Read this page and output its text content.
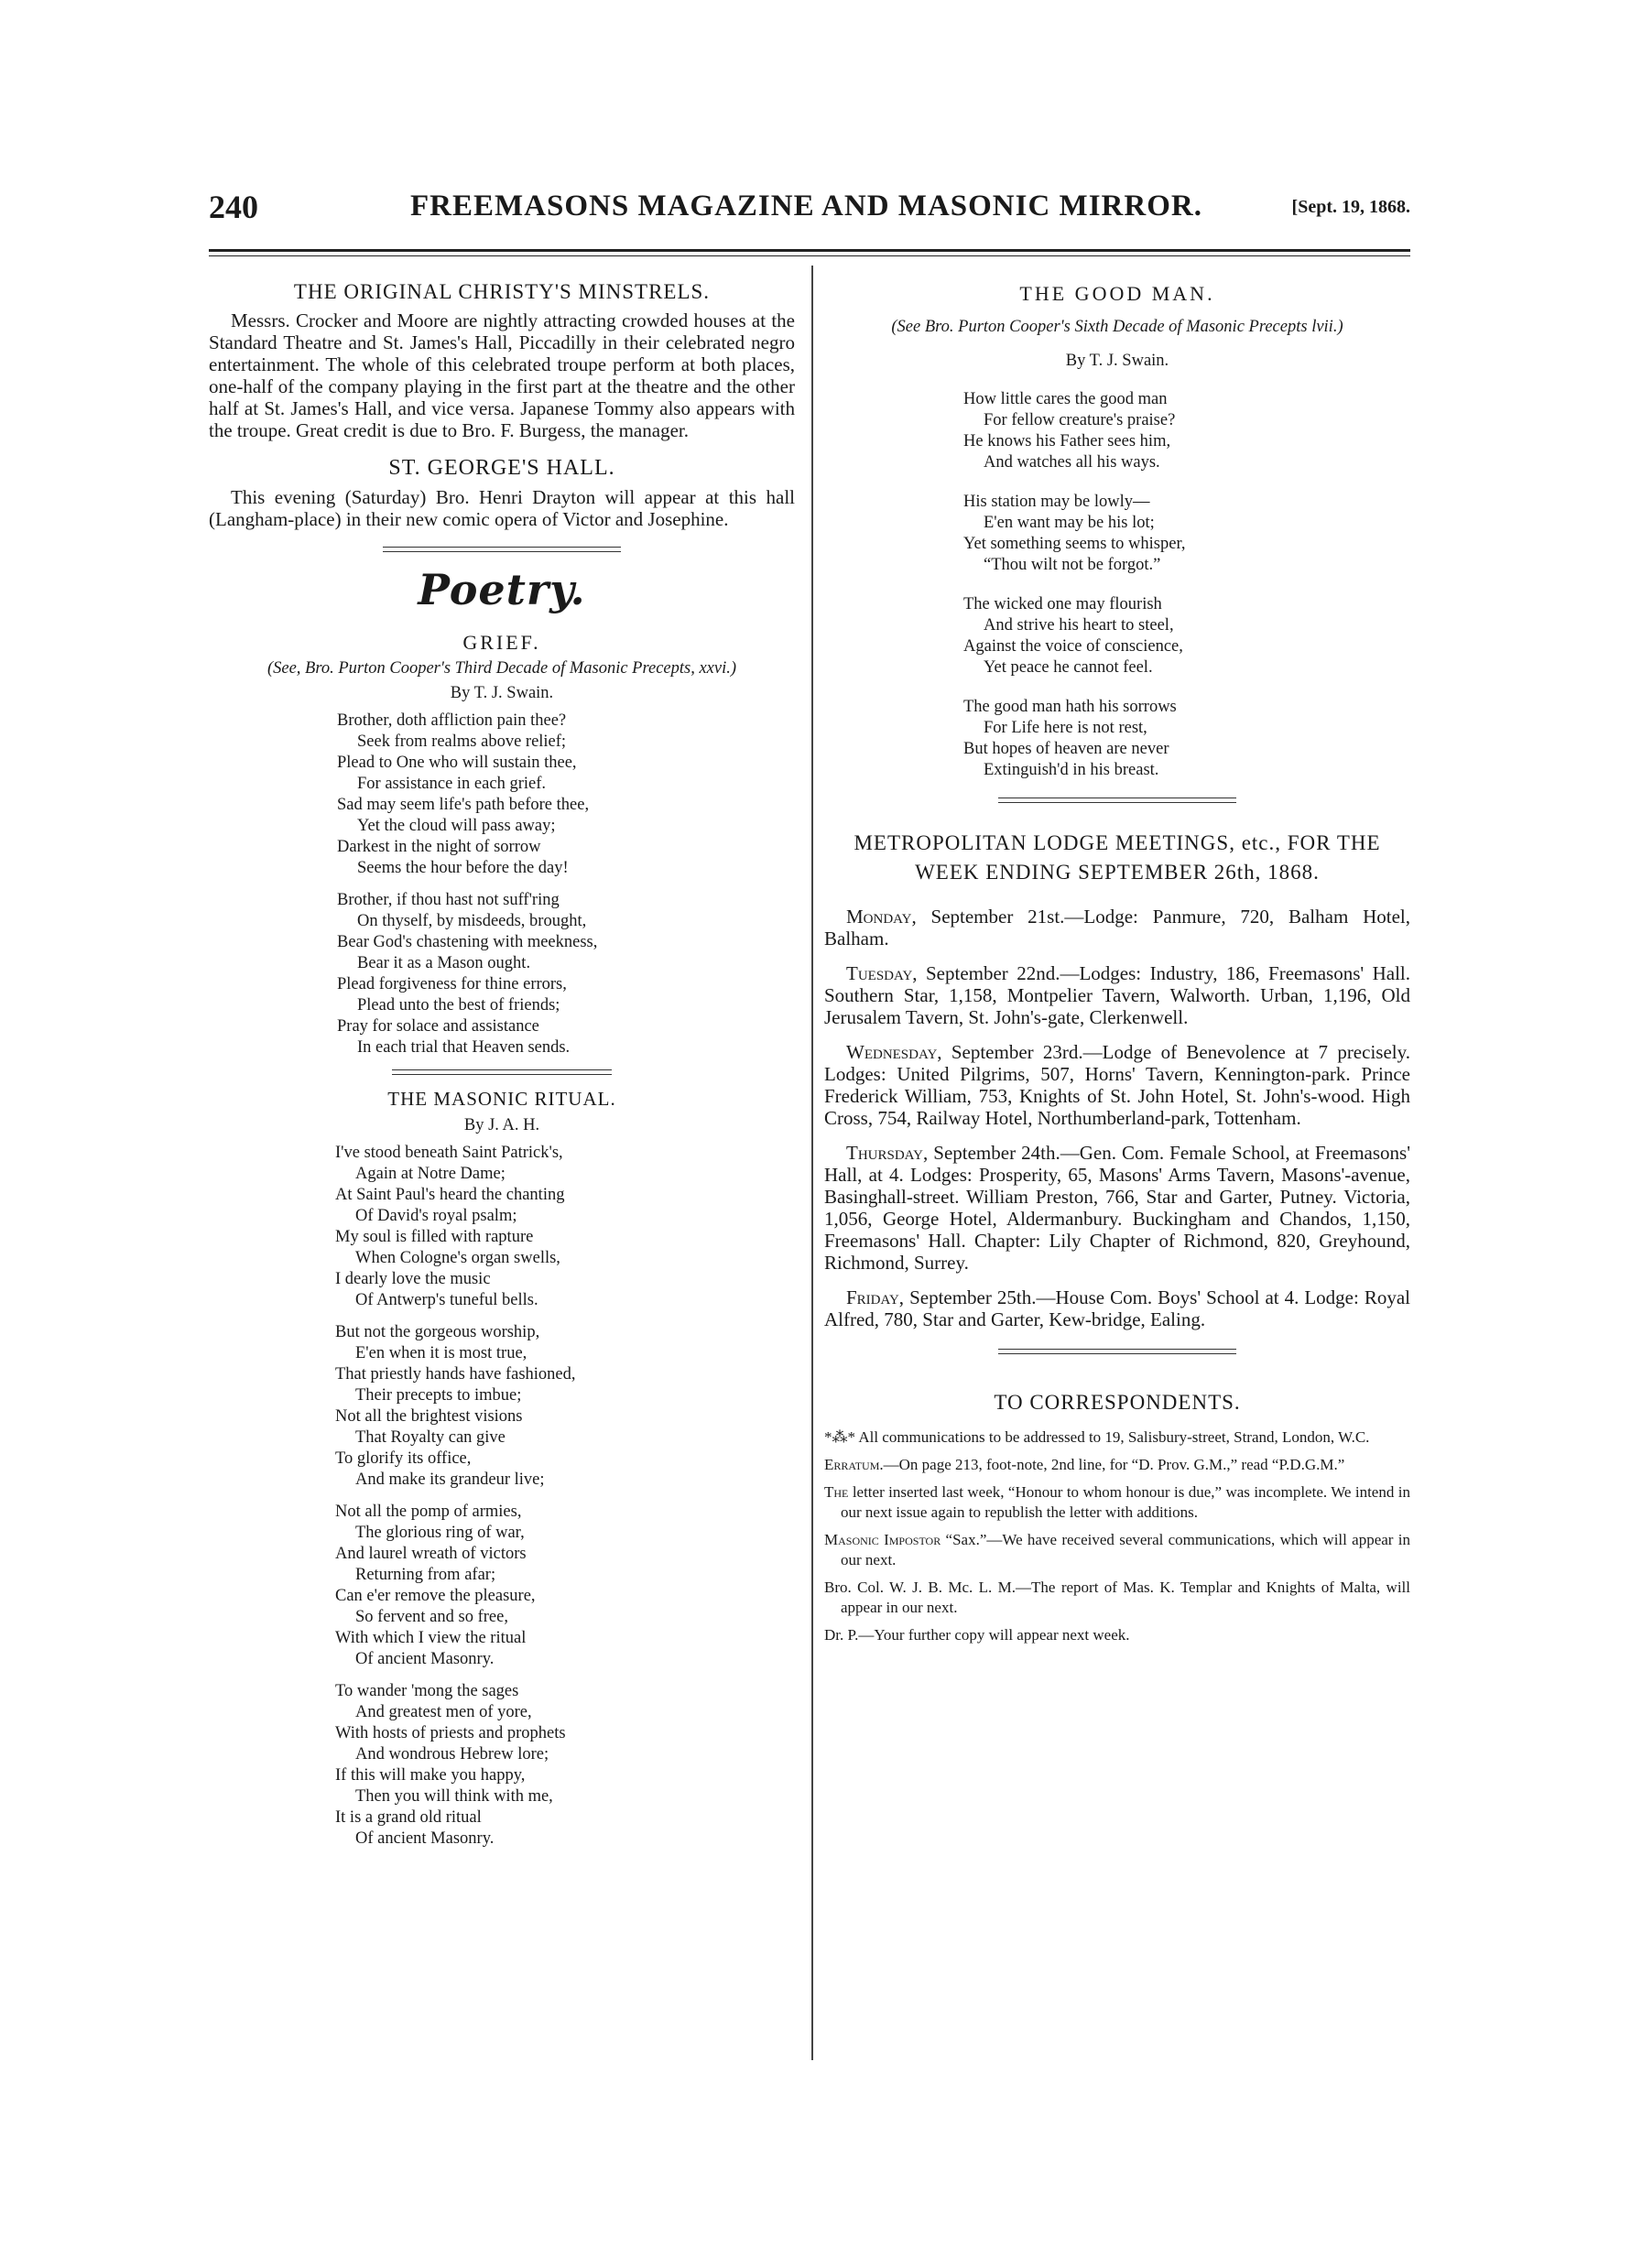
240	FREEMASONS MAGAZINE AND MASONIC MIRROR.	[Sept. 19, 1868.
THE ORIGINAL CHRISTY'S MINSTRELS.

Messrs. Crocker and Moore are nightly attracting crowded houses at the Standard Theatre and St. James's Hall, Piccadilly in their celebrated negro entertainment. The whole of this celebrated troupe perform at both places, one-half of the company playing in the first part at the theatre and the other half at St. James's Hall, and vice versa. Japanese Tommy also appears with the troupe. Great credit is due to Bro. F. Burgess, the manager.

ST. GEORGE'S HALL.

This evening (Saturday) Bro. Henri Drayton will appear at this hall (Langham-place) in their new comic opera of Victor and Josephine.

Poetry.
GRIEF.

(See, Bro. Purton Cooper's Third Decade of Masonic Precepts, xxvi.)

By T. J. Swain.

Brother, doth affliction pain thee?
Seek from realms above relief;
Plead to One who will sustain thee,
For assistance in each grief.
Sad may seem life's path before thee,
Yet the cloud will pass away;
Darkest in the night of sorrow
Seems the hour before the day!
Brother, if thou hast not suff'ring
On thyself, by misdeeds, brought,
Bear God's chastening with meekness,
Bear it as a Mason ought.
Plead forgiveness for thine errors,
Plead unto the best of friends;
Pray for solace and assistance
In each trial that Heaven sends.
THE MASONIC RITUAL.

By J. A. H.

I've stood beneath Saint Patrick's,
Again at Notre Dame;
At Saint Paul's heard the chanting
Of David's royal psalm;
My soul is filled with rapture
When Cologne's organ swells,
I dearly love the music
Of Antwerp's tuneful bells.
But not the gorgeous worship,
E'en when it is most true,
That priestly hands have fashioned,
Their precepts to imbue;
Not all the brightest visions
That Royalty can give
To glorify its office,
And make its grandeur live;
Not all the pomp of armies,
The glorious ring of war,
And laurel wreath of victors
Returning from afar;
Can e'er remove the pleasure,
So fervent and so free,
With which I view the ritual
Of ancient Masonry.
To wander 'mong the sages
And greatest men of yore,
With hosts of priests and prophets
And wondrous Hebrew lore;
If this will make you happy,
Then you will think with me,
It is a grand old ritual
Of ancient Masonry.
THE GOOD MAN.

(See Bro. Purton Cooper's Sixth Decade of Masonic Precepts lvii.)

By T. J. Swain.

How little cares the good man
For fellow creature's praise?
He knows his Father sees him,
And watches all his ways.
His station may be lowly—
E'en want may be his lot;
Yet something seems to whisper,
“Thou wilt not be forgot.”
The wicked one may flourish
And strive his heart to steel,
Against the voice of conscience,
Yet peace he cannot feel.
The good man hath his sorrows
For Life here is not rest,
But hopes of heaven are never
Extinguish'd in his breast.
METROPOLITAN LODGE MEETINGS, etc., FOR THE WEEK ENDING SEPTEMBER 26th, 1868.

Monday, September 21st.—Lodge: Panmure, 720, Balham Hotel, Balham.

Tuesday, September 22nd.—Lodges: Industry, 186, Freemasons' Hall. Southern Star, 1,158, Montpelier Tavern, Walworth. Urban, 1,196, Old Jerusalem Tavern, St. John's-gate, Clerkenwell.

Wednesday, September 23rd.—Lodge of Benevolence at 7 precisely. Lodges: United Pilgrims, 507, Horns' Tavern, Kennington-park. Prince Frederick William, 753, Knights of St. John Hotel, St. John's-wood. High Cross, 754, Railway Hotel, Northumberland-park, Tottenham.

Thursday, September 24th.—Gen. Com. Female School, at Freemasons' Hall, at 4. Lodges: Prosperity, 65, Masons' Arms Tavern, Masons'-avenue, Basinghall-street. William Preston, 766, Star and Garter, Putney. Victoria, 1,056, George Hotel, Aldermanbury. Buckingham and Chandos, 1,150, Freemasons' Hall. Chapter: Lily Chapter of Richmond, 820, Greyhound, Richmond, Surrey.

Friday, September 25th.—House Com. Boys' School at 4. Lodge: Royal Alfred, 780, Star and Garter, Kew-bridge, Ealing.

TO CORRESPONDENTS.

*⁂* All communications to be addressed to 19, Salisbury-street, Strand, London, W.C.

Erratum.—On page 213, foot-note, 2nd line, for “D. Prov. G.M.,” read “P.D.G.M.”

The letter inserted last week, “Honour to whom honour is due,” was incomplete. We intend in our next issue again to republish the letter with additions.

Masonic Impostor “Sax.”—We have received several communications, which will appear in our next.

Bro. Col. W. J. B. Mc. L. M.—The report of Mas. K. Templar and Knights of Malta, will appear in our next.

Dr. P.—Your further copy will appear next week.
